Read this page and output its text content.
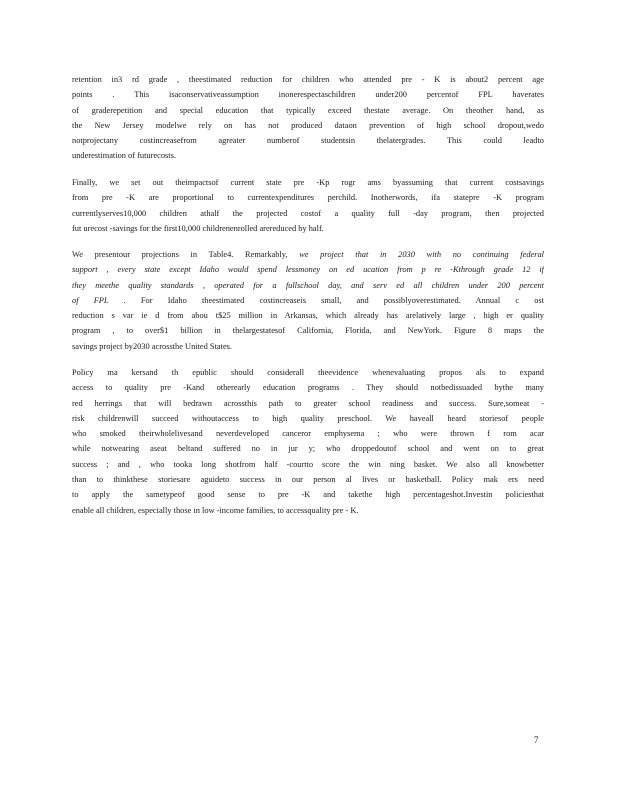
retention in3 rd grade , theestimated reduction for children who attended pre - K is about2 percent age
points . This isaconservativeassumption inonerespectaschildren under200 percentof FPL haverates
of graderepetition and special education that typically exceed thestate average. On theother hand, as
the New Jersey modelwe rely on has not produced dataon prevention of high school dropout,wedo
notprojectany costincreasefrom agreater numberof studentsin thelatergrades. This could leadto
underestimation of futurecosts.
Finally, we set out theimpactsof current state pre -Kp rogr ams byassuming that current costsavings
from pre -K are proportional to currentexpenditures perchild. Inotherwords, ifa statepre -K program
currentlyserves10,000 children athalf the projected costof a quality full -day program, then projected
fut urecost -savings for the first10,000 childrenenrolled arereduced by half.
We presentour projections in Table4. Remarkably, we project that in 2030 with no continuing federal
support , every state except Idaho would spend lessmoney on ed ucation from p re -Kthrough grade 12 if
they meethe quality standards , operated for a fullschool day, and serv ed all children under 200 percent
of FPL . For Idaho theestimated costincreaseis small, and possiblyoverestimated. Annual c ost
reduction s var ie d from abou t$25 million in Arkansas, which already has arelatively large , high er quality
program , to over$1 billion in thelargestatesof California, Florida, and NewYork. Figure 8 maps the
savings project by2030 acrossthe United States.
Policy ma kersand th epublic should considerall theevidence whenevaluating propos als to expand
access to quality pre -Kand otherearly education programs . They should notbedissuaded bythe many
red herrings that will bedrawn acrossthis path to greater school readiness and success. Sure,someat -
risk childrenwill succeed withoutaccess to high quality preschool. We haveall heard storiesof people
who smoked theirwholelivesand neverdeveloped canceror emphysema ; who were thrown f rom acar
while notwearing aseat beltand suffered no in jur y; who droppedoutof school and went on to great
success ; and , who tooka long shotfrom half -courtto score the win ning basket. We also all knowbetter
than to thinkthese storiesare aguideto success in our person al lives or basketball. Policy mak ers need
to apply the sametypeof good sense to pre -K and takethe high percentageshot.Investin policiesthat
enable all children, especially those in low -income families, to accessquality pre - K.
7
